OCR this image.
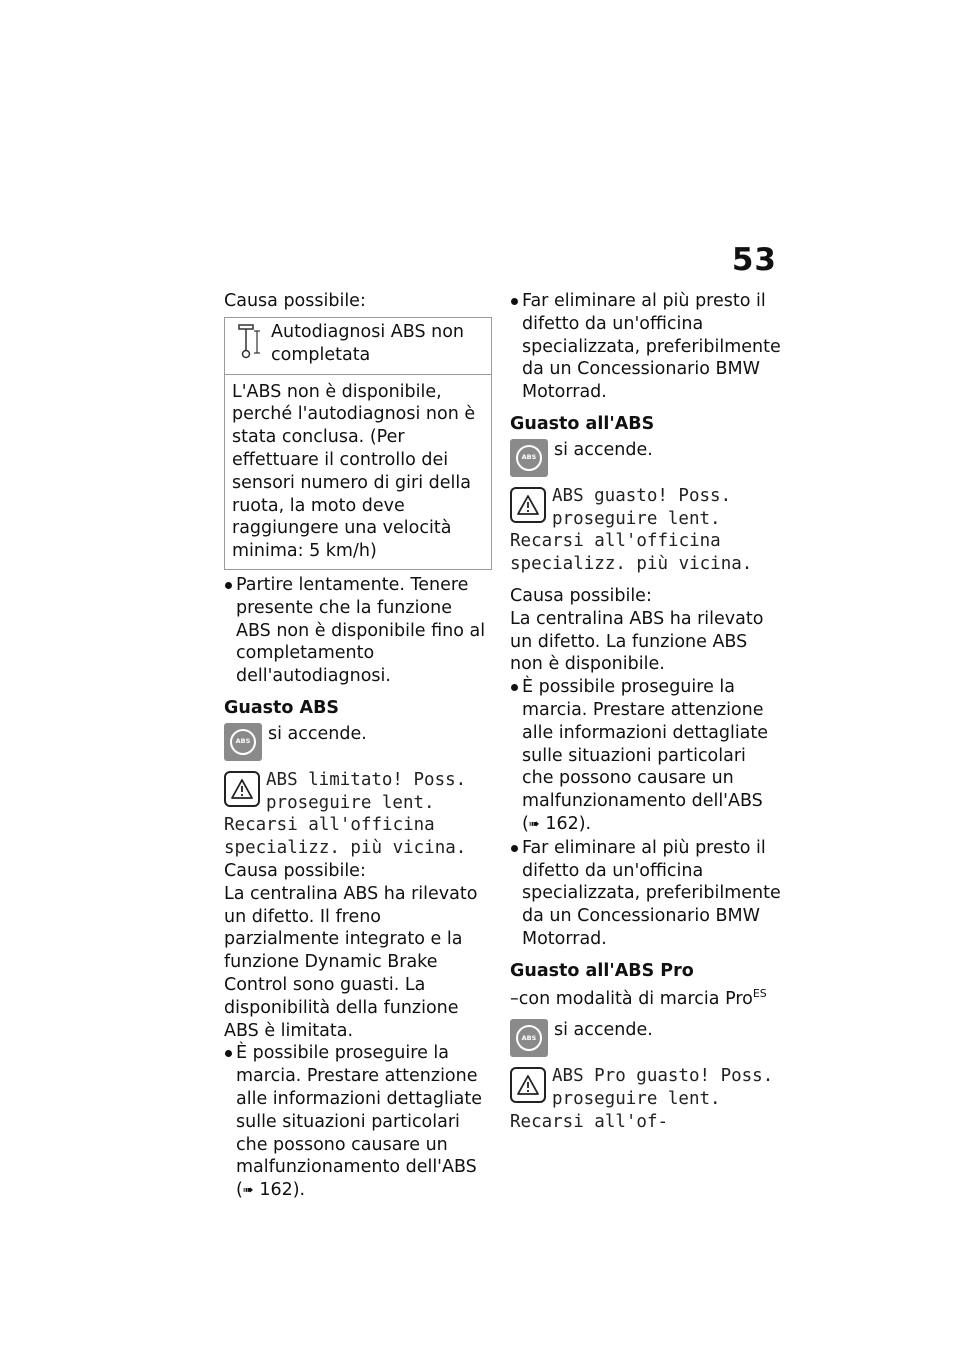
53

Causa possibile:

Autodiagnosi ABS non completata
L'ABS non è disponibile, perché l'autodiagnosi non è stata conclusa. (Per effettuare il controllo dei sensori numero di giri della ruota, la moto deve raggiungere una velocità minima: 5 km/h)

Partire lentamente. Tenere presente che la funzione ABS non è disponibile fino al completamento dell'autodiagnosi.

Guasto ABS

ABS	si accende.
ABS limitato! Poss. proseguire lent. Recarsi all'officina specializz. più vicina.

Causa possibile:

La centralina ABS ha rilevato un difetto. Il freno parzialmente integrato e la funzione Dynamic Brake Control sono guasti. La disponibilità della funzione ABS è limitata.

È possibile proseguire la marcia. Prestare attenzione alle informazioni dettagliate sulle situazioni particolari che possono causare un malfunzionamento dell'ABS (➠ 162).

Far eliminare al più presto il difetto da un'officina specializzata, preferibilmente da un Concessionario BMW Motorrad.

Guasto all'ABS

ABS	si accende.
ABS guasto! Poss. proseguire lent. Recarsi all'officina specializz. più vicina.

Causa possibile:

La centralina ABS ha rilevato un difetto. La funzione ABS non è disponibile.

È possibile proseguire la marcia. Prestare attenzione alle informazioni dettagliate sulle situazioni particolari che possono causare un malfunzionamento dell'ABS (➠ 162).

Far eliminare al più presto il difetto da un'officina specializzata, preferibilmente da un Concessionario BMW Motorrad.

Guasto all'ABS Pro

–con modalità di marcia Pro$^{ES}$

ABS	si accende.
ABS Pro guasto! Poss. proseguire lent. Recarsi all'of-
